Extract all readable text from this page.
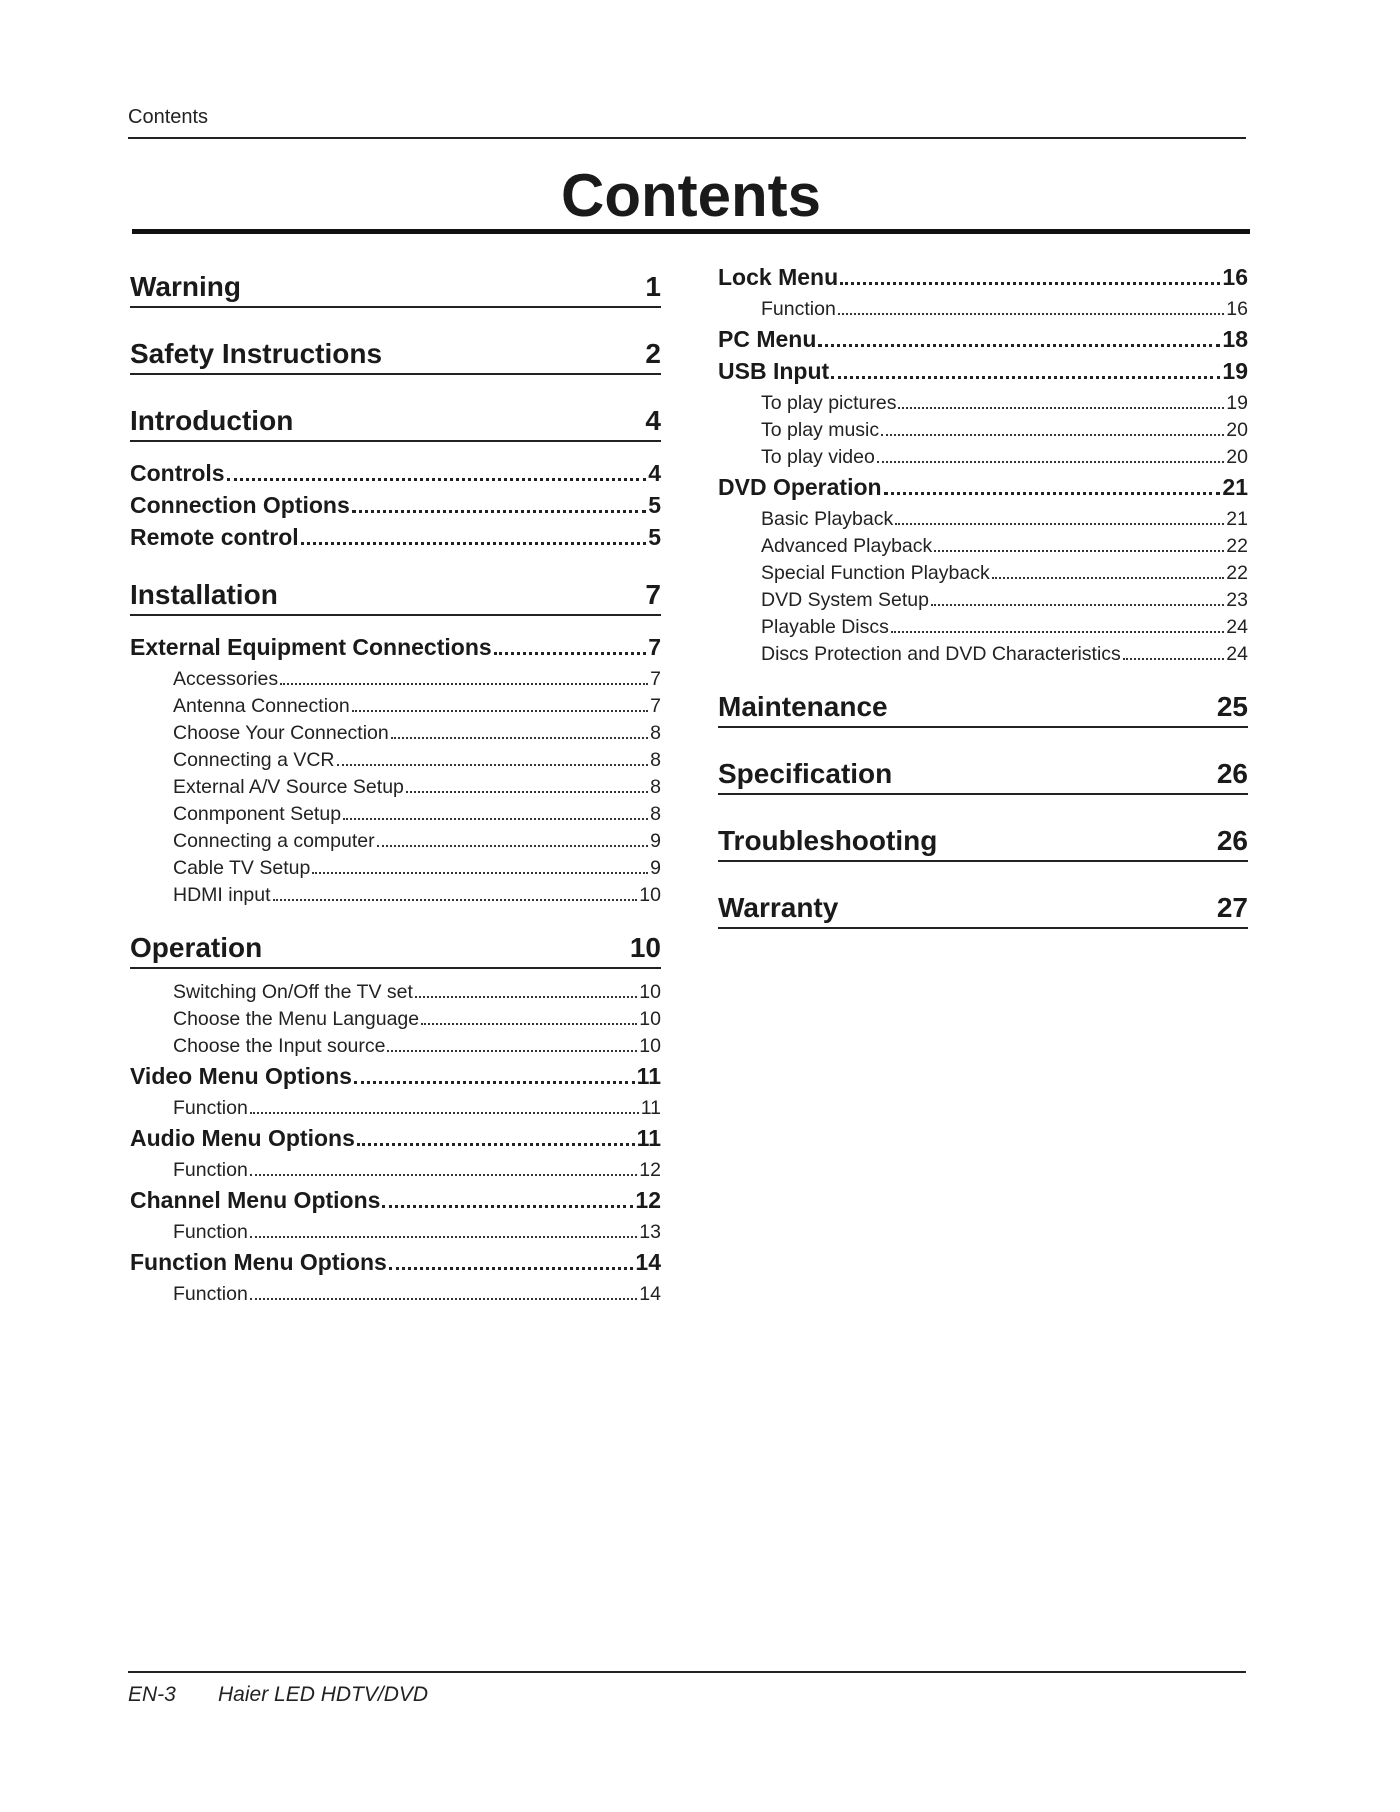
Contents
Contents
Warning	1
Safety Instructions	2
Introduction	4
Controls	4
Connection Options	5
Remote control	5
Installation	7
External Equipment Connections	7
Accessories	7
Antenna Connection	7
Choose Your Connection	8
Connecting a VCR	8
External A/V Source Setup	8
Conmponent Setup	8
Connecting a computer	9
Cable TV Setup	9
HDMI input	10
Operation	10
Switching On/Off the TV set	10
Choose the Menu Language	10
Choose the Input source	10
Video Menu Options	11
Function	11
Audio Menu Options	11
Function	12
Channel Menu Options	12
Function	13
Function Menu Options	14
Function	14
Lock Menu	16
Function	16
PC Menu	18
USB Input	19
To play pictures	19
To play music	20
To play video	20
DVD Operation	21
Basic Playback	21
Advanced Playback	22
Special Function Playback	22
DVD System Setup	23
Playable Discs	24
Discs Protection and DVD Characteristics	24
Maintenance	25
Specification	26
Troubleshooting	26
Warranty	27
EN-3 Haier LED HDTV/DVD
